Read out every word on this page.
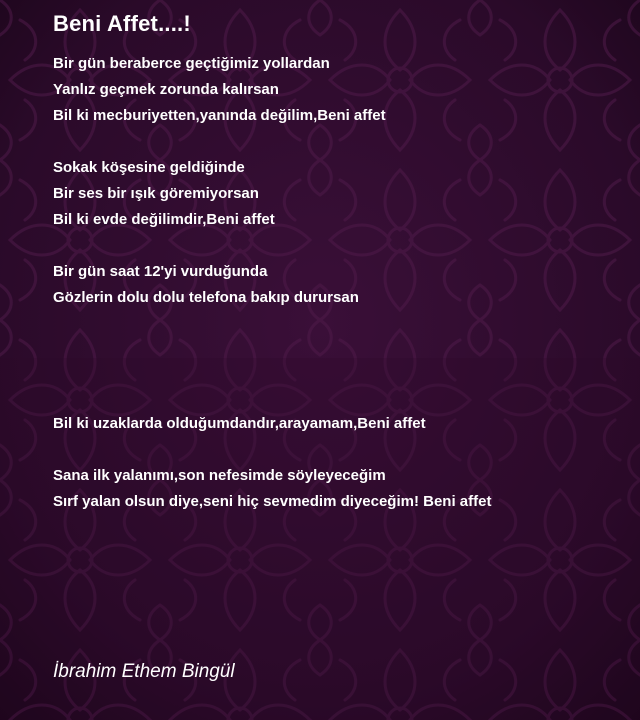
Beni Affet....!
Bir gün beraberce geçtiğimiz yollardan
Yanlız geçmek zorunda kalırsan
Bil ki mecburiyetten,yanında değilim,Beni affet
Sokak köşesine geldiğinde
Bir ses bir ışık göremiyorsan
Bil ki evde değilimdir,Beni affet
Bir gün saat 12'yi vurduğunda
Gözlerin dolu dolu telefona bakıp durursan
Bil ki uzaklarda olduğumdandır,arayamam,Beni affet
Sana ilk yalanımı,son nefesimde söyleyeceğim
Sırf yalan olsun diye,seni hiç sevmedim diyeceğim! Beni affet
İbrahim Ethem Bingül
